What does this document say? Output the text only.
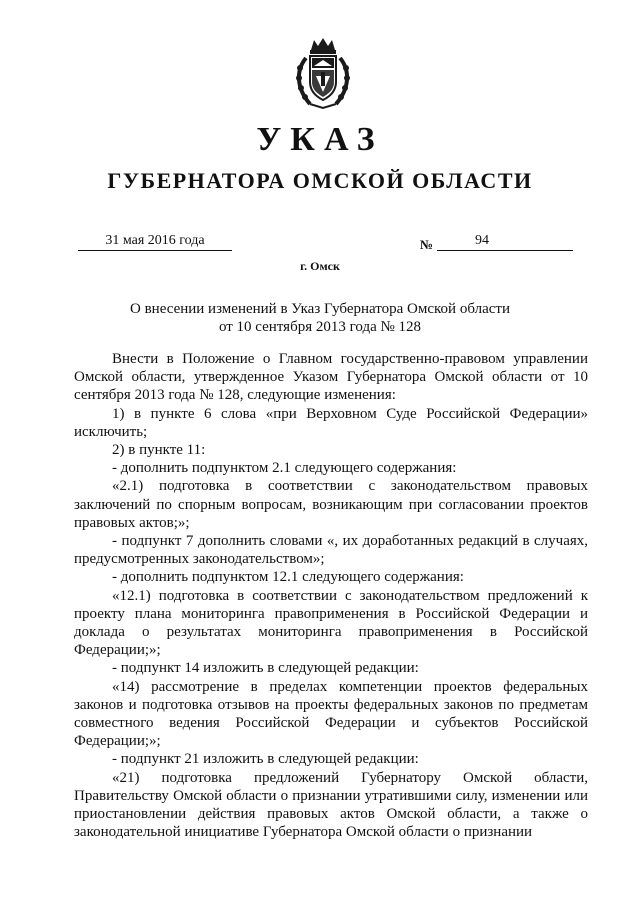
УКАЗ
ГУБЕРНАТОРА ОМСКОЙ ОБЛАСТИ
31 мая 2016 года	№	94
г. Омск
О внесении изменений в Указ Губернатора Омской области
от 10 сентября 2013 года № 128

Внести в Положение о Главном государственно-правовом управлении Омской области, утвержденное Указом Губернатора Омской области от 10 сентября 2013 года № 128, следующие изменения:

1) в пункте 6 слова «при Верховном Суде Российской Федерации» исключить;

2) в пункте 11:

- дополнить подпунктом 2.1 следующего содержания:

«2.1) подготовка в соответствии с законодательством правовых заключений по спорным вопросам, возникающим при согласовании проектов правовых актов;»;

- подпункт 7 дополнить словами «, их доработанных редакций в случаях, предусмотренных законодательством»;

- дополнить подпунктом 12.1 следующего содержания:

«12.1) подготовка в соответствии с законодательством предложений к проекту плана мониторинга правоприменения в Российской Федерации и доклада о результатах мониторинга правоприменения в Российской Федерации;»;

- подпункт 14 изложить в следующей редакции:

«14) рассмотрение в пределах компетенции проектов федеральных законов и подготовка отзывов на проекты федеральных законов по предметам совместного ведения Российской Федерации и субъектов Российской Федерации;»;

- подпункт 21 изложить в следующей редакции:

«21) подготовка предложений Губернатору Омской области, Правительству Омской области о признании утратившими силу, изменении или приостановлении действия правовых актов Омской области, а также о законодательной инициативе Губернатора Омской области о признании
